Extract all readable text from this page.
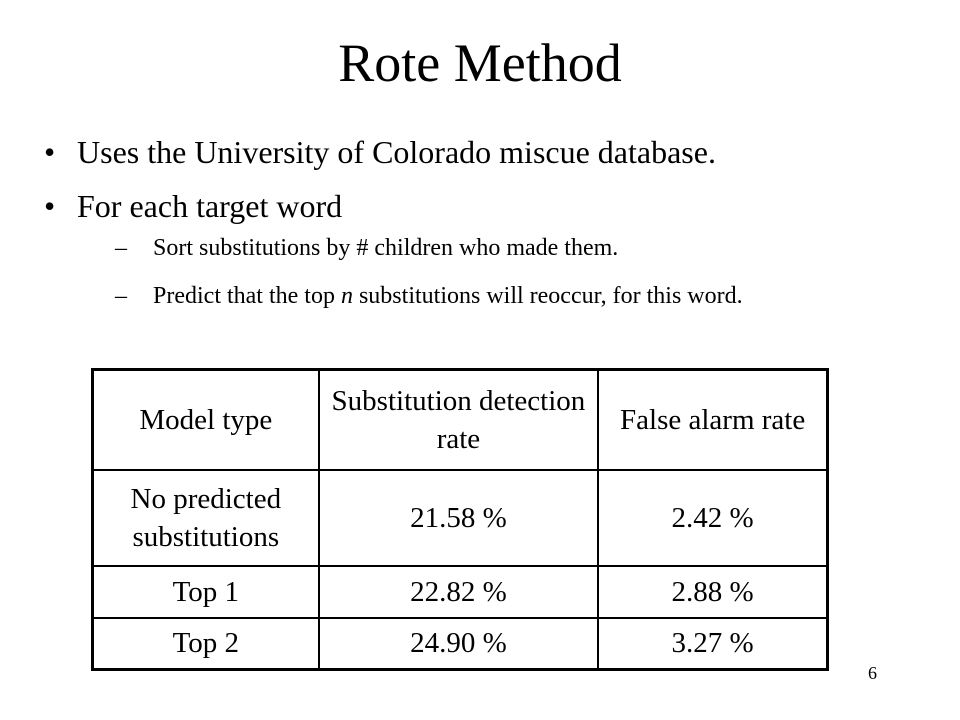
Rote Method
• Uses the University of Colorado miscue database.
• For each target word
– Sort substitutions by # children who made them.
– Predict that the top n substitutions will reoccur, for this word.
Model type	Substitution detection rate	False alarm rate
No predicted substitutions	21.58 %	2.42 %
Top 1	22.82 %	2.88 %
Top 2	24.90 %	3.27 %
6
